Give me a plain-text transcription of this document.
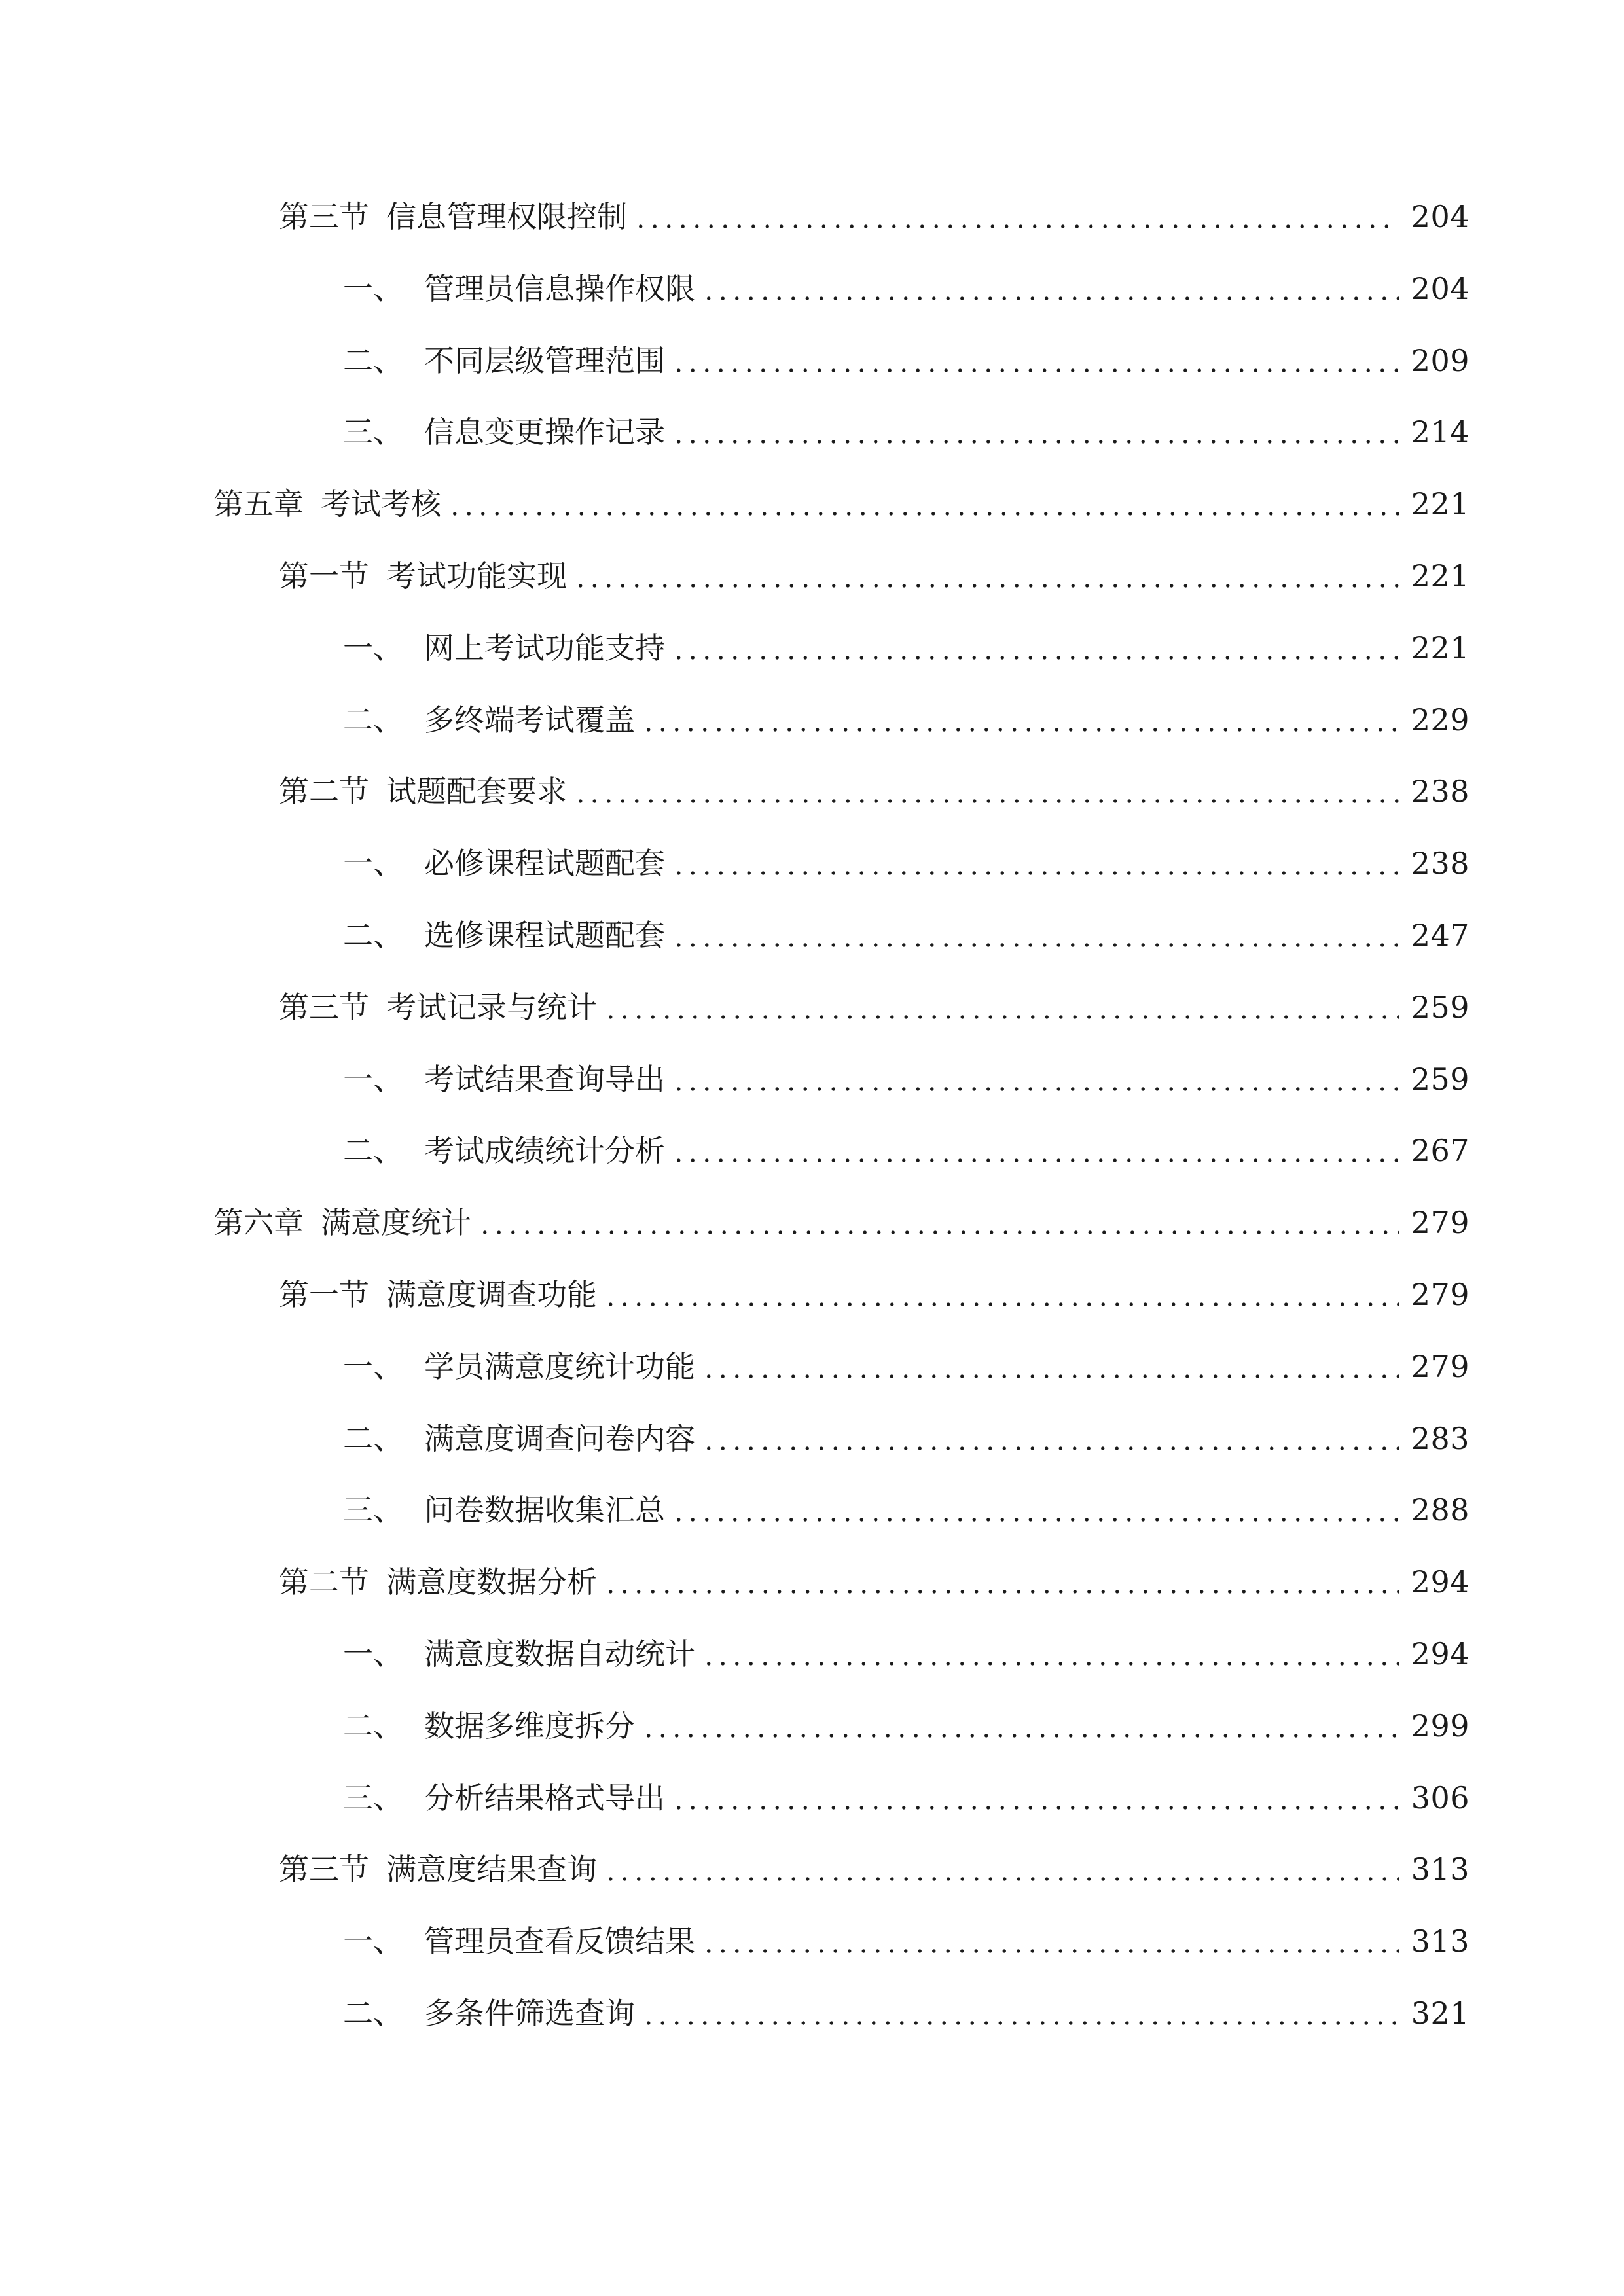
第三节 信息管理权限控制	204
一、 管理员信息操作权限	204
二、 不同层级管理范围	209
三、 信息变更操作记录	214
第五章 考试考核	221
第一节 考试功能实现	221
一、 网上考试功能支持	221
二、 多终端考试覆盖	229
第二节 试题配套要求	238
一、 必修课程试题配套	238
二、 选修课程试题配套	247
第三节 考试记录与统计	259
一、 考试结果查询导出	259
二、 考试成绩统计分析	267
第六章 满意度统计	279
第一节 满意度调查功能	279
一、 学员满意度统计功能	279
二、 满意度调查问卷内容	283
三、 问卷数据收集汇总	288
第二节 满意度数据分析	294
一、 满意度数据自动统计	294
二、 数据多维度拆分	299
三、 分析结果格式导出	306
第三节 满意度结果查询	313
一、 管理员查看反馈结果	313
二、 多条件筛选查询	321
